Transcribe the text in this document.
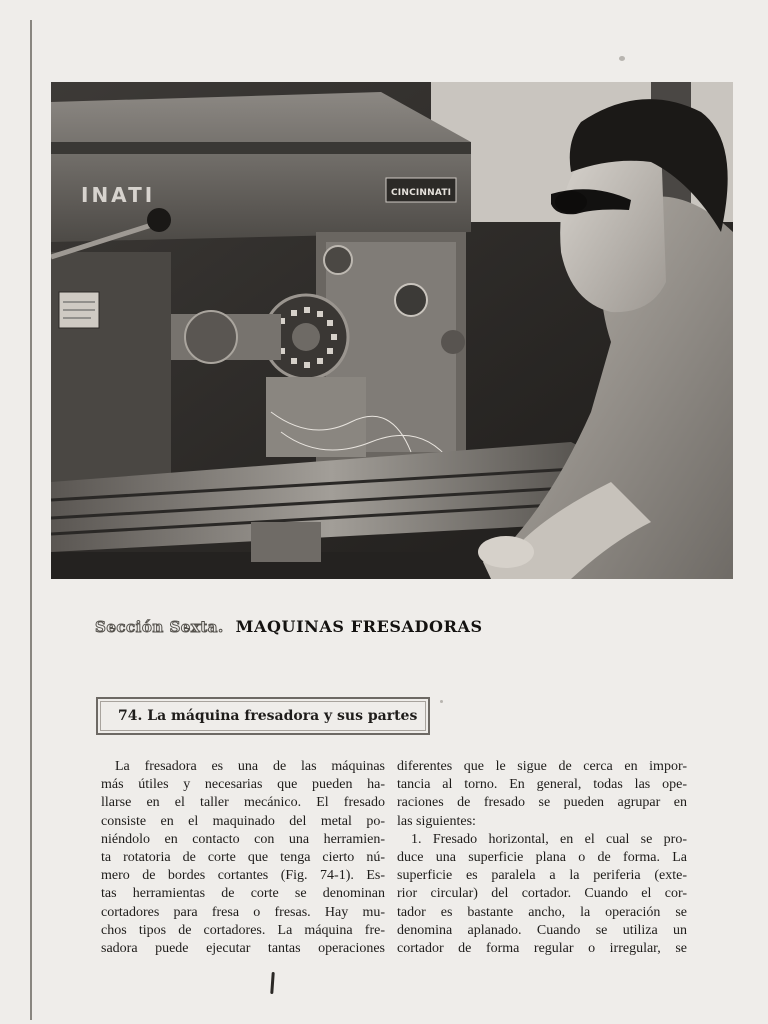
INATI	CINCINNATI
Sección Sexta. MAQUINAS FRESADORAS
74. La máquina fresadora y sus partes
La fresadora es una de las máquinas
más útiles y necesarias que pueden ha-
llarse en el taller mecánico. El fresado
consiste en el maquinado del metal po-
niéndolo en contacto con una herramien-
ta rotatoria de corte que tenga cierto nú-
mero de bordes cortantes (Fig. 74-1). Es-
tas herramientas de corte se denominan
cortadores para fresa o fresas. Hay mu-
chos tipos de cortadores. La máquina fre-
sadora puede ejecutar tantas operaciones
diferentes que le sigue de cerca en impor-
tancia al torno. En general, todas las ope-
raciones de fresado se pueden agrupar en
las siguientes:
1. Fresado horizontal, en el cual se pro-
duce una superficie plana o de forma. La
superficie es paralela a la periferia (exte-
rior circular) del cortador. Cuando el cor-
tador es bastante ancho, la operación se
denomina aplanado. Cuando se utiliza un
cortador de forma regular o irregular, se
